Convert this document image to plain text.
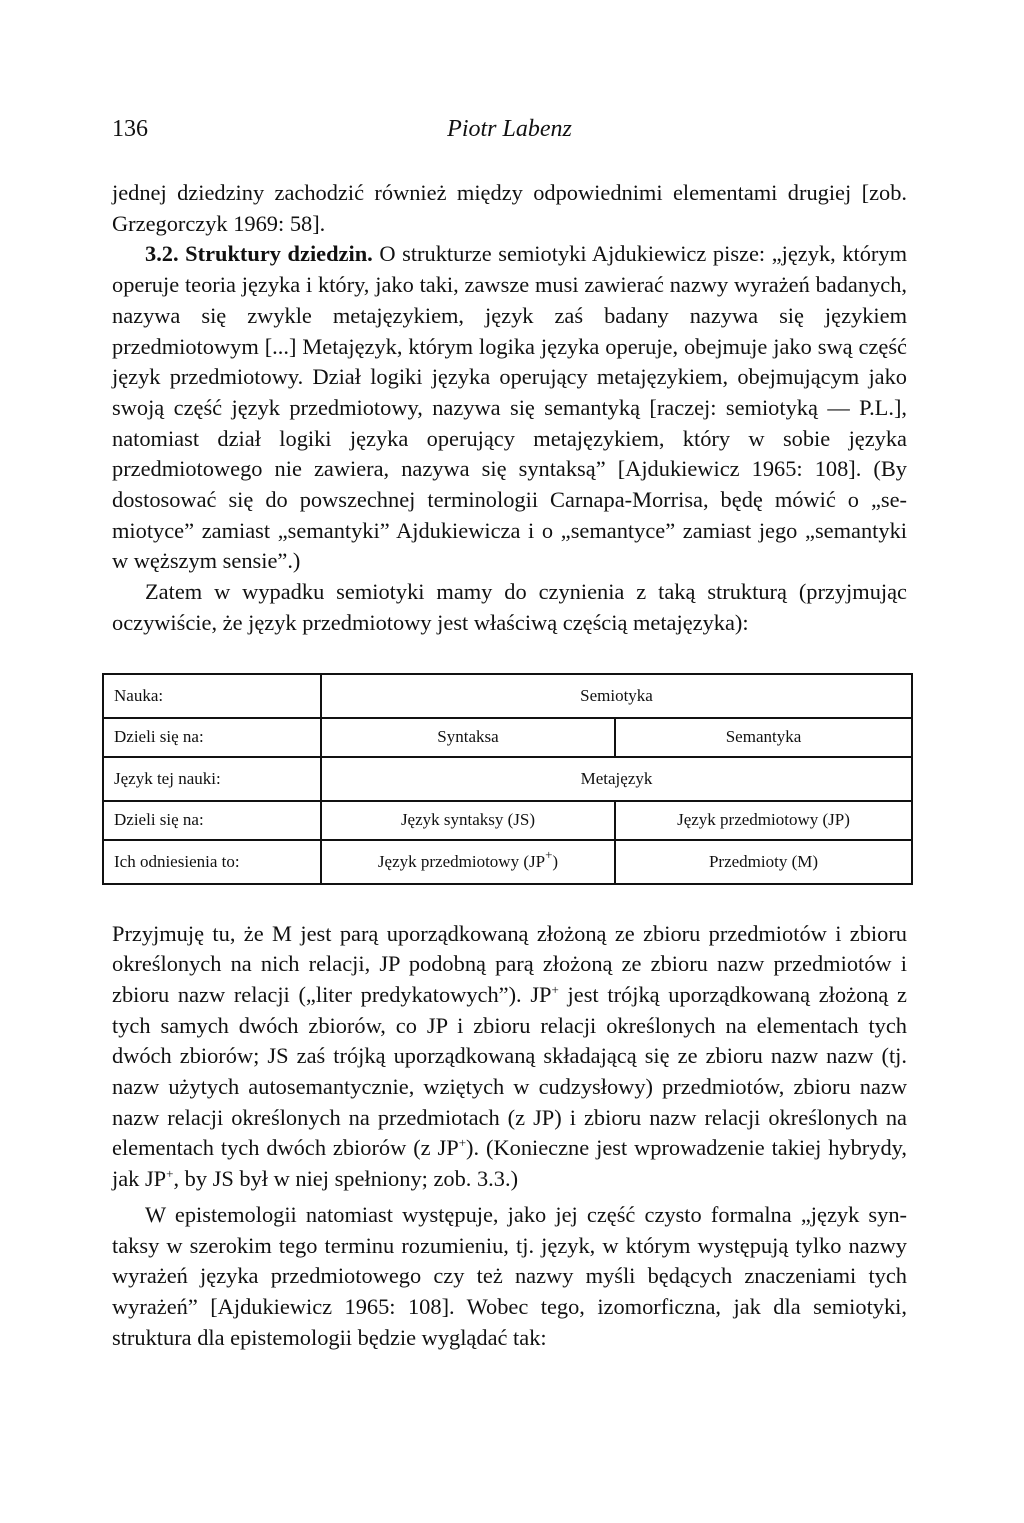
136	Piotr Labenz

jednej dziedziny zachodzić również między odpowiednimi elementami drugiej [zob. Grzegorczyk 1969: 58].

3.2. Struktury dziedzin. O strukturze semiotyki Ajdukiewicz pisze: „język, którym operuje teoria języka i który, jako taki, zawsze musi zawierać nazwy wyrażeń badanych, nazywa się zwykle metajęzykiem, język zaś badany nazywa się językiem przedmiotowym [...] Metajęzyk, którym logika języka operuje, obejmuje jako swą część język przedmiotowy. Dział logiki języka operujący metajęzykiem, obejmującym jako swoją część język przedmiotowy, nazywa się semantyką [raczej: semiotyką — P.L.], natomiast dział logiki języka operujący metajęzykiem, który w sobie języka przedmiotowego nie zawiera, nazywa się syntaksą” [Ajdukiewicz 1965: 108]. (By dostosować się do powszechnej terminologii Carnapa-Morrisa, będę mówić o „semiotyce” zamiast „semantyki” Ajdukiewicza i o „semantyce” zamiast jego „semantyki w węższym sensie”.)

Zatem w wypadku semiotyki mamy do czynienia z taką strukturą (przyjmując oczywiście, że język przedmiotowy jest właściwą częścią metajęzyka):

Nauka:	Semiotyka	
Dzieli się na:	Syntaksa	Semantyka
Język tej nauki:	Metajęzyk	
Dzieli się na:	Język syntaksy (JS)	Język przedmiotowy (JP)
Ich odniesienia to:	Język przedmiotowy (JP+)	Przedmioty (M)

Przyjmuję tu, że M jest parą uporządkowaną złożoną ze zbioru przedmiotów i zbioru określonych na nich relacji, JP podobną parą złożoną ze zbioru nazw przedmiotów i zbioru nazw relacji („liter predykatowych”). JP+ jest trójką uporządkowaną złożoną z tych samych dwóch zbiorów, co JP i zbioru relacji określonych na elementach tych dwóch zbiorów; JS zaś trójką uporządkowaną składającą się ze zbioru nazw nazw (tj. nazw użytych autosemantycznie, wziętych w cudzysłowy) przedmiotów, zbioru nazw nazw relacji określonych na przedmiotach (z JP) i zbioru nazw relacji określonych na elementach tych dwóch zbiorów (z JP+). (Konieczne jest wprowadzenie takiej hybrydy, jak JP+, by JS był w niej spełniony; zob. 3.3.)

W epistemologii natomiast występuje, jako jej część czysto formalna „język syntaksy w szerokim tego terminu rozumieniu, tj. język, w którym występują tylko nazwy wyrażeń języka przedmiotowego czy też nazwy myśli będących znaczeniami tych wyrażeń” [Ajdukiewicz 1965: 108]. Wobec tego, izomorficzna, jak dla semiotyki, struktura dla epistemologii będzie wyglądać tak:
